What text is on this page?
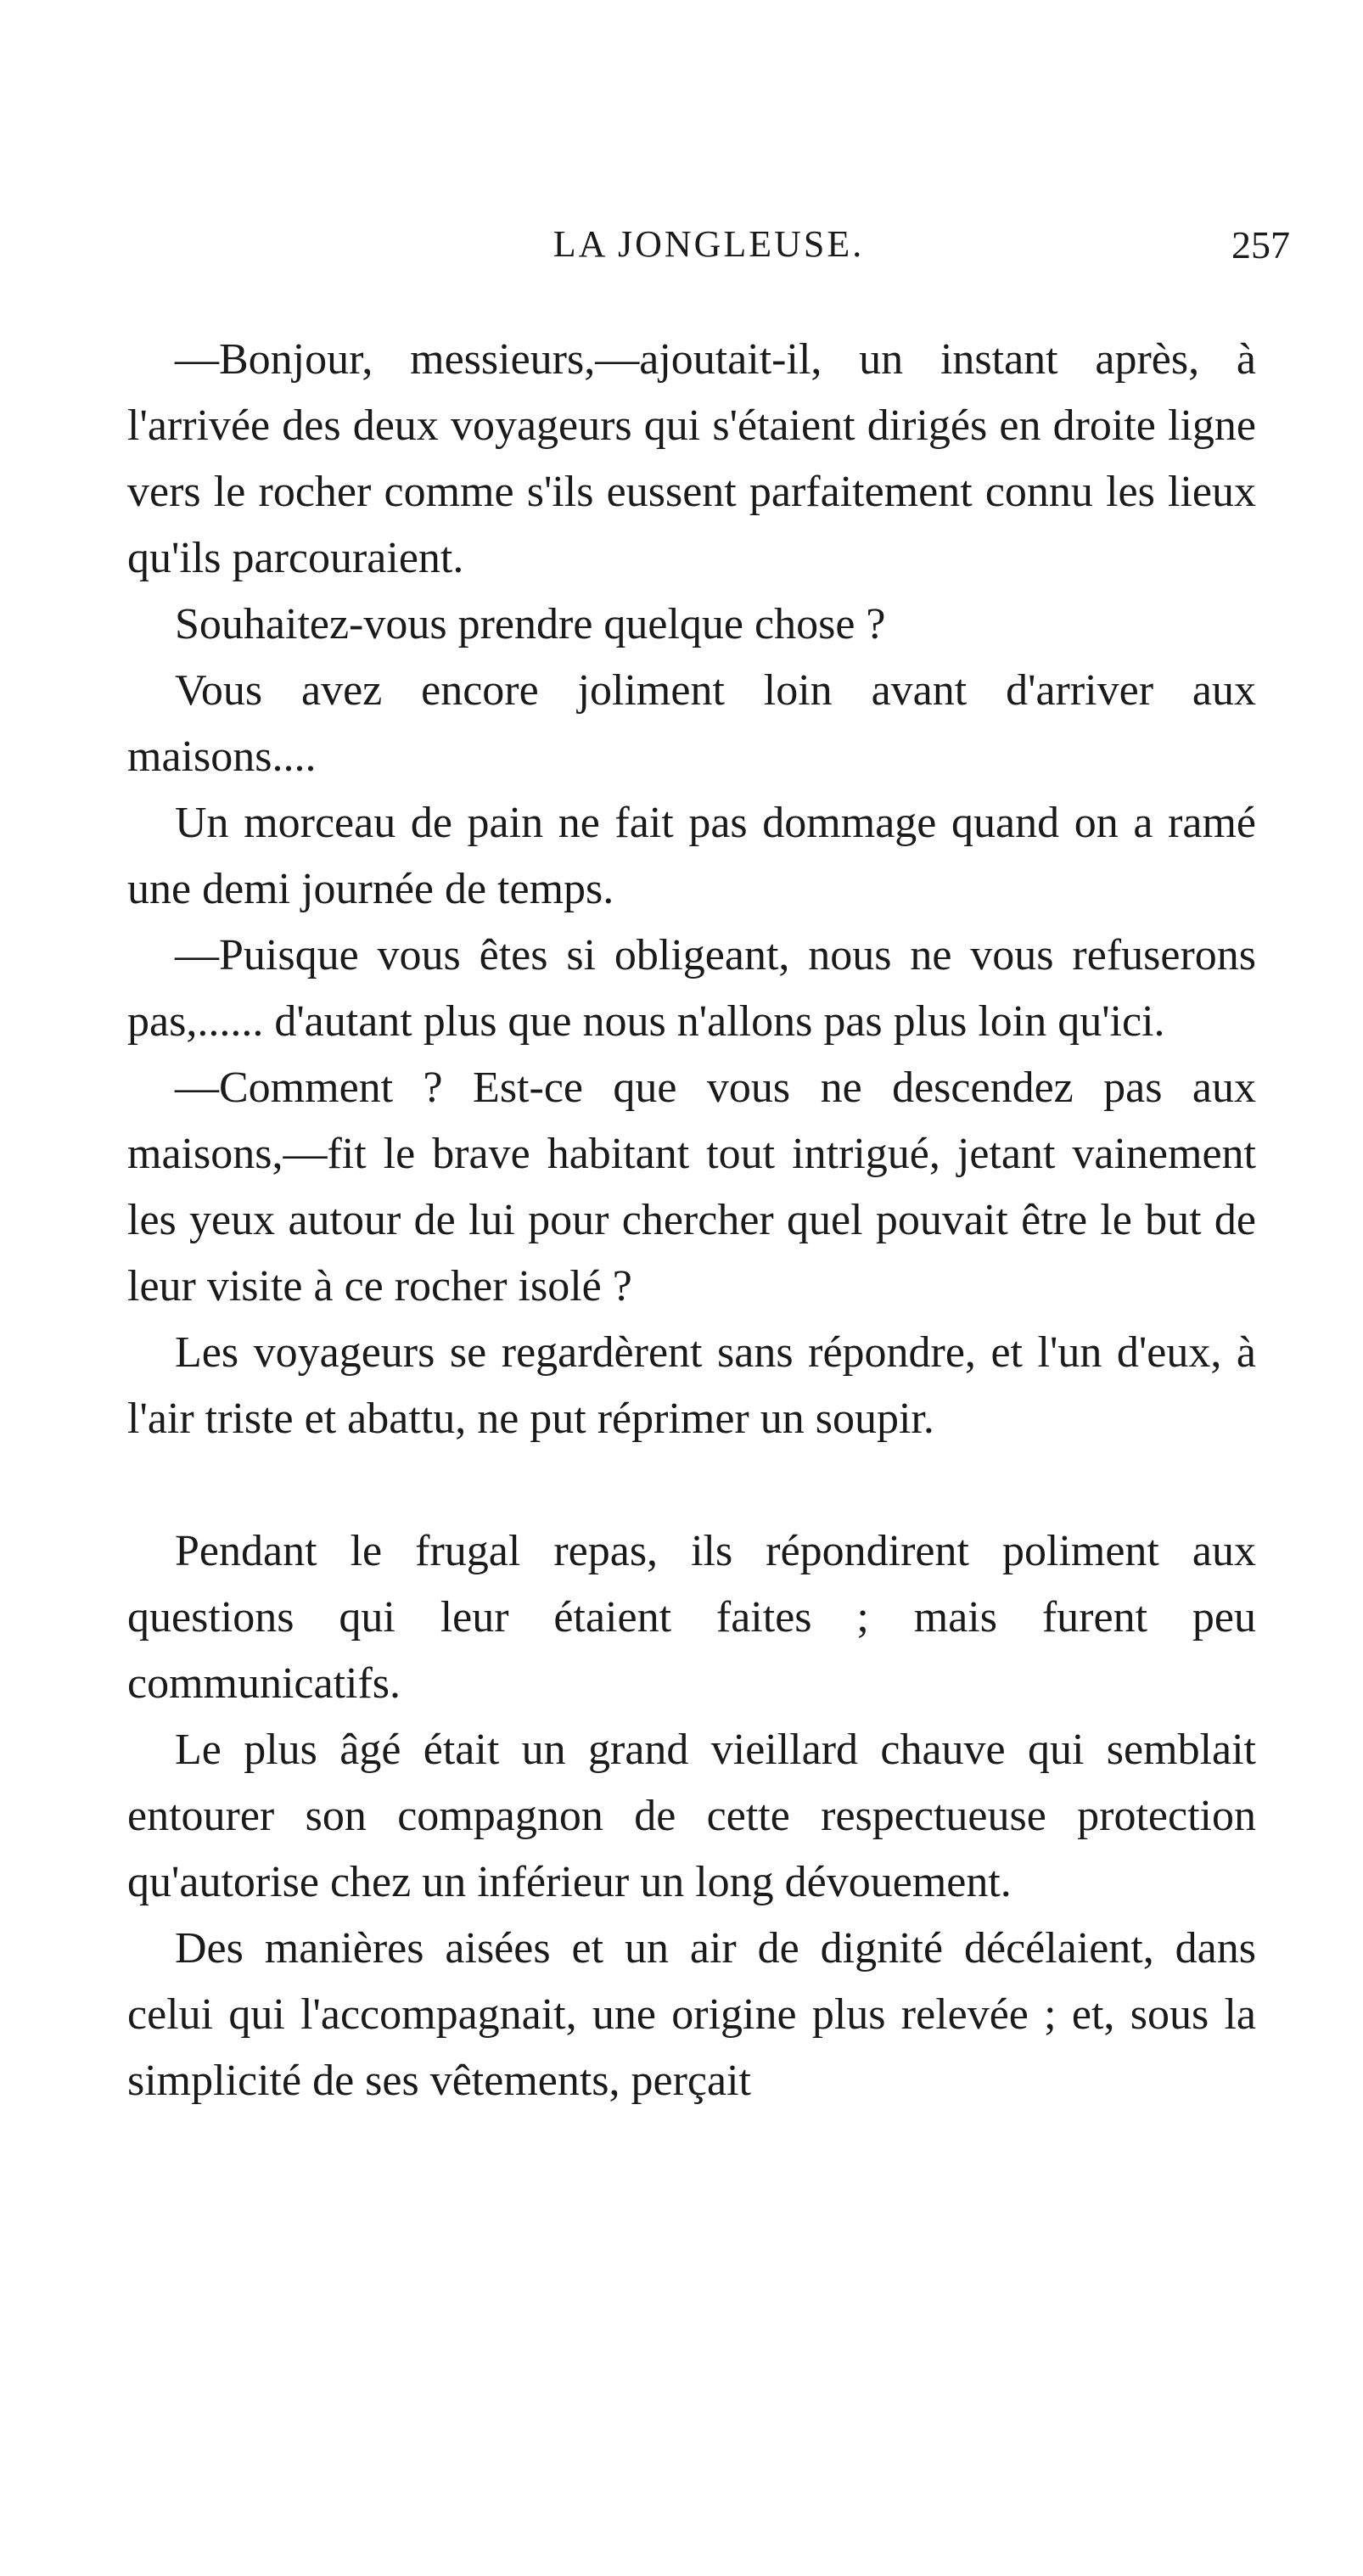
LA JONGLEUSE.	257

—Bonjour, messieurs,—ajoutait-il, un instant après, à l'arrivée des deux voyageurs qui s'étaient dirigés en droite ligne vers le rocher comme s'ils eussent parfaitement connu les lieux qu'ils parcouraient.

Souhaitez-vous prendre quelque chose ?

Vous avez encore joliment loin avant d'arriver aux maisons....

Un morceau de pain ne fait pas dommage quand on a ramé une demi journée de temps.

—Puisque vous êtes si obligeant, nous ne vous refuserons pas,...... d'autant plus que nous n'allons pas plus loin qu'ici.

—Comment ? Est-ce que vous ne descendez pas aux maisons,—fit le brave habitant tout intrigué, jetant vainement les yeux autour de lui pour chercher quel pouvait être le but de leur visite à ce rocher isolé ?

Les voyageurs se regardèrent sans répondre, et l'un d'eux, à l'air triste et abattu, ne put réprimer un soupir.

Pendant le frugal repas, ils répondirent poliment aux questions qui leur étaient faites ; mais furent peu communicatifs.

Le plus âgé était un grand vieillard chauve qui semblait entourer son compagnon de cette respectueuse protection qu'autorise chez un inférieur un long dévouement.

Des manières aisées et un air de dignité décélaient, dans celui qui l'accompagnait, une origine plus relevée ; et, sous la simplicité de ses vêtements, perçait
